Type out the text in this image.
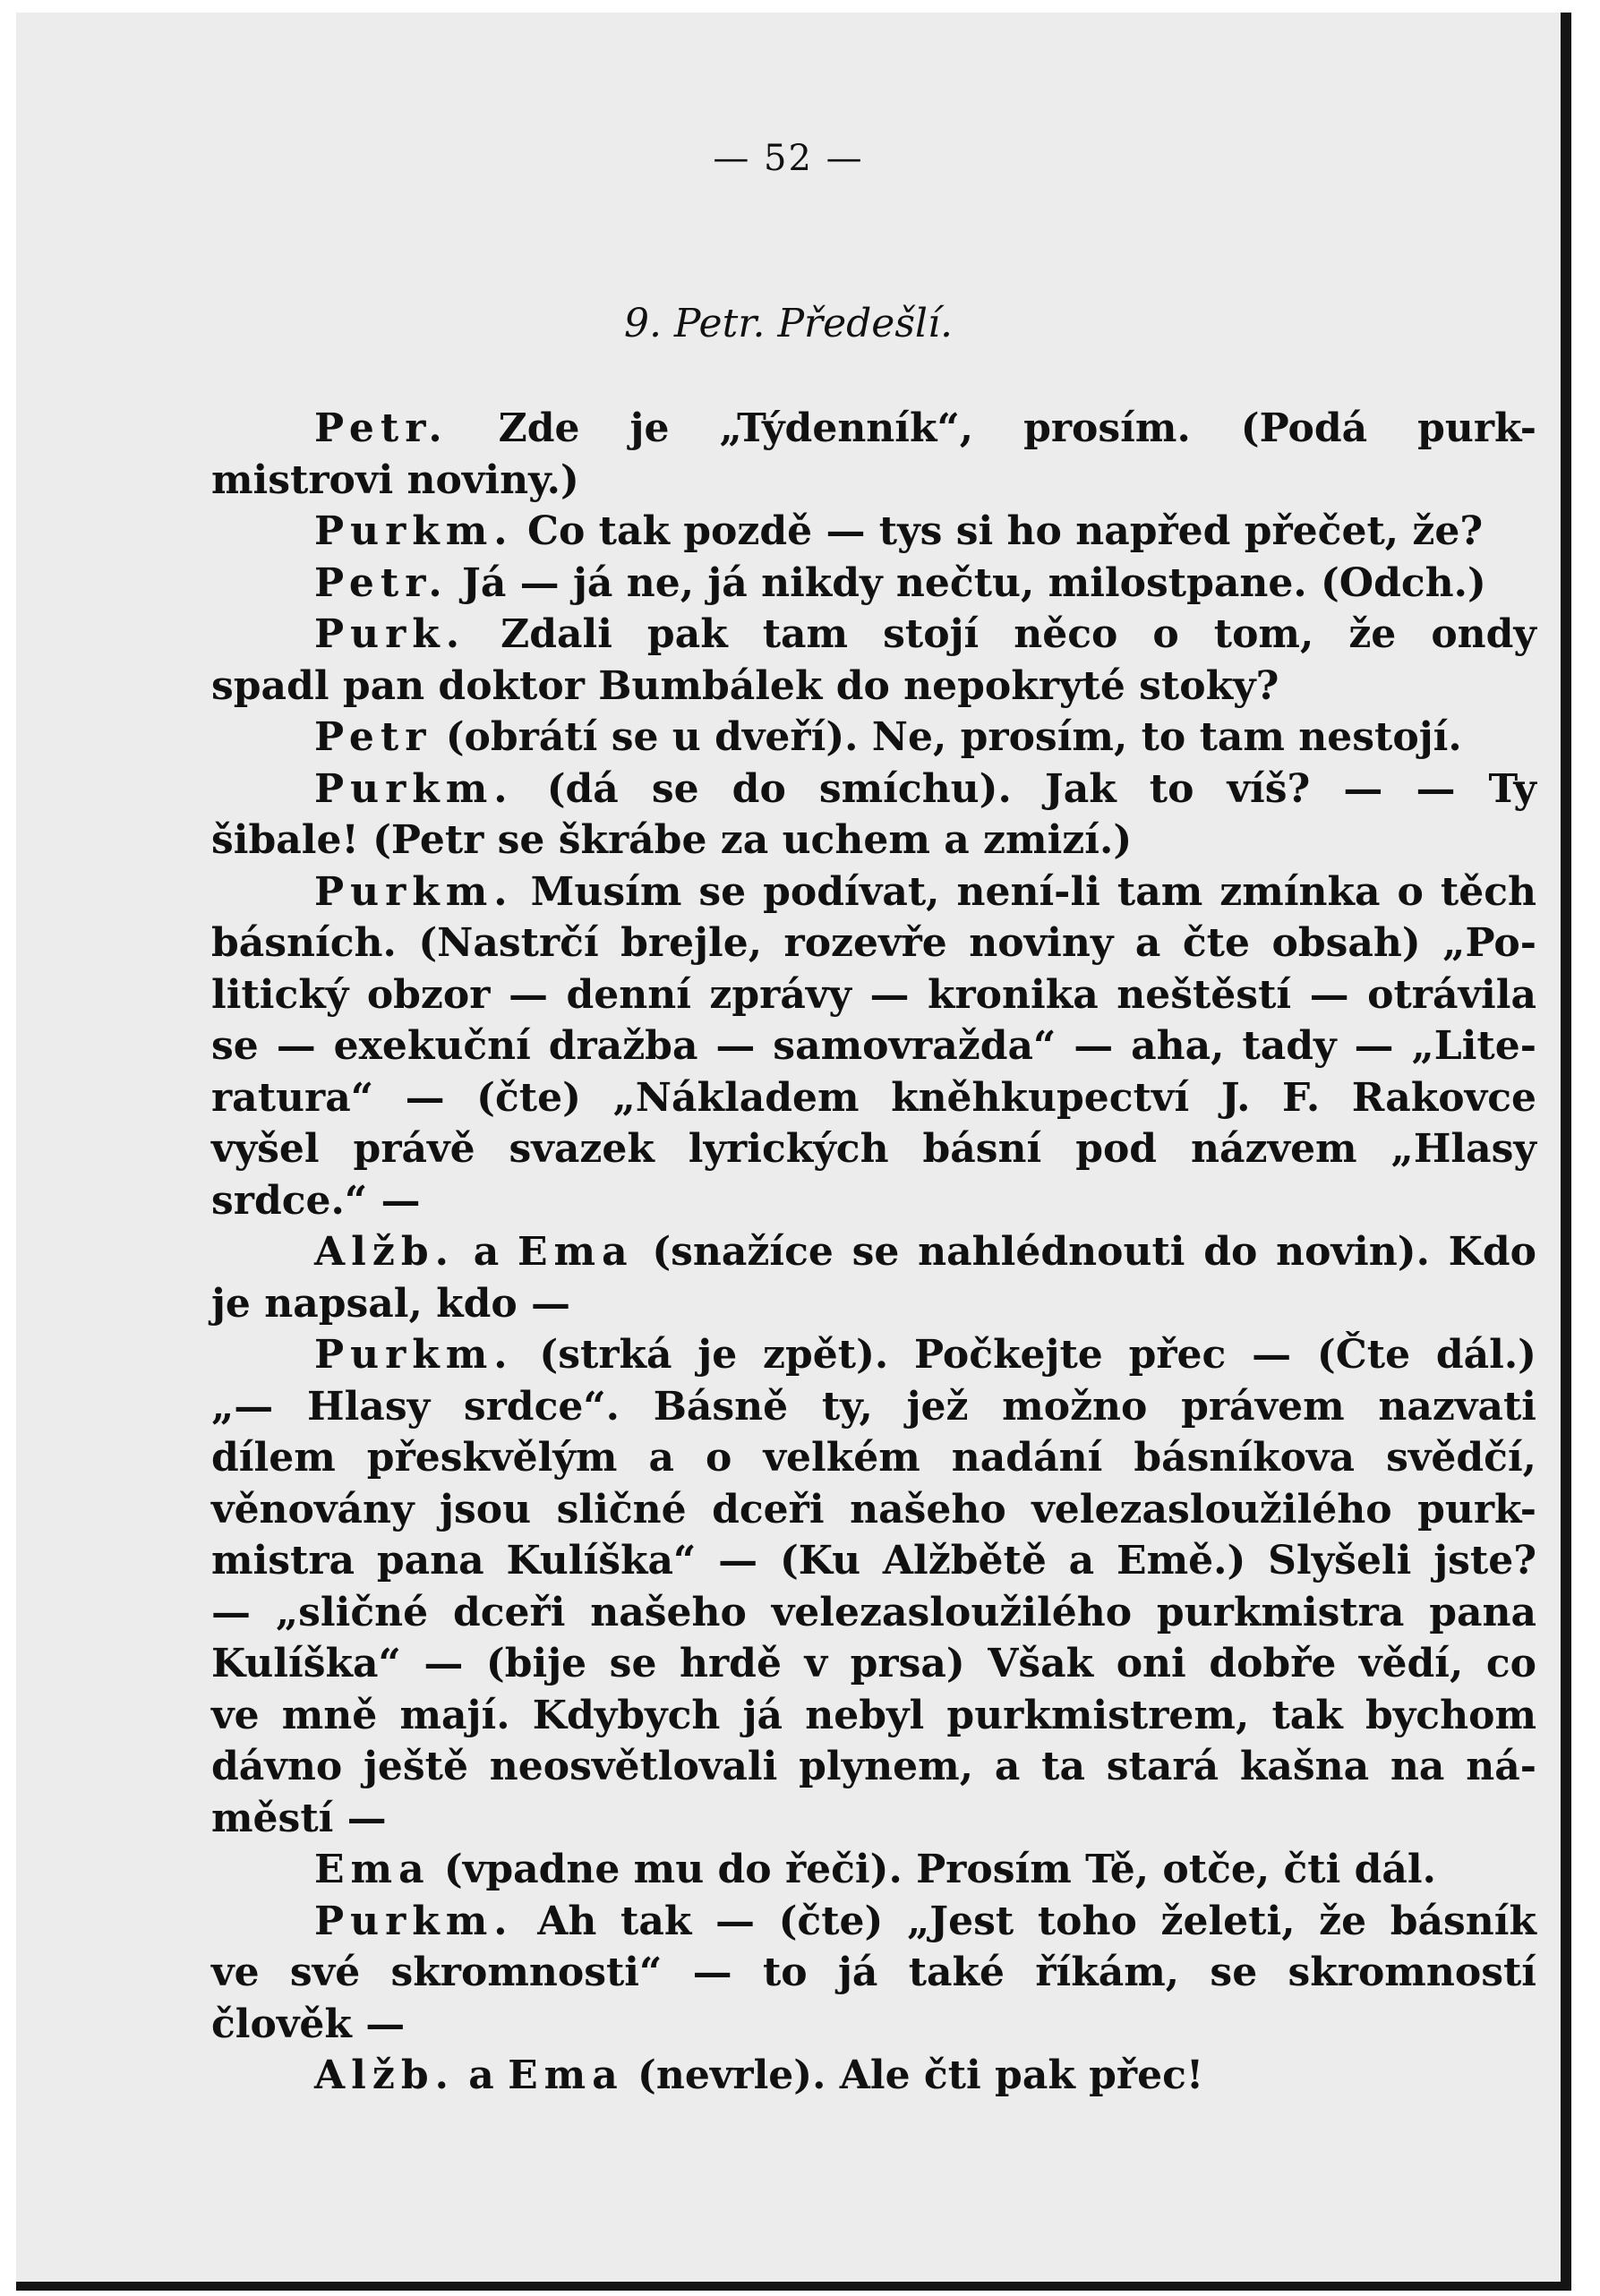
— 52 —
9. Petr. Předešlí.
Petr. Zde je „Týdenník“, prosím. (Podá purk-
mistrovi noviny.)
Purkm. Co tak pozdě — tys si ho napřed přečet, že?
Petr. Já — já ne, já nikdy nečtu, milostpane. (Odch.)
Purk. Zdali pak tam stojí něco o tom, že ondy
spadl pan doktor Bumbálek do nepokryté stoky?
Petr (obrátí se u dveří). Ne, prosím, to tam nestojí.
Purkm. (dá se do smíchu). Jak to víš? — — Ty
šibale! (Petr se škrábe za uchem a zmizí.)
Purkm. Musím se podívat, není-li tam zmínka o těch
básních. (Nastrčí brejle, rozevře noviny a čte obsah) „Po-
litický obzor — denní zprávy — kronika neštěstí — otrávila
se — exekuční dražba — samovražda“ — aha, tady — „Lite-
ratura“ — (čte) „Nákladem kněhkupectví J. F. Rakovce
vyšel právě svazek lyrických básní pod názvem „Hlasy
srdce.“ —
Alžb. a Ema (snažíce se nahlédnouti do novin). Kdo
je napsal, kdo —
Purkm. (strká je zpět). Počkejte přec — (Čte dál.)
„— Hlasy srdce“. Básně ty, jež možno právem nazvati
dílem přeskvělým a o velkém nadání básníkova svědčí,
věnovány jsou sličné dceři našeho velezasloužilého purk-
mistra pana Kulíška“ — (Ku Alžbětě a Emě.) Slyšeli jste?
— „sličné dceři našeho velezasloužilého purkmistra pana
Kulíška“ — (bije se hrdě v prsa) Však oni dobře vědí, co
ve mně mají. Kdybych já nebyl purkmistrem, tak bychom
dávno ještě neosvětlovali plynem, a ta stará kašna na ná-
městí —
Ema (vpadne mu do řeči). Prosím Tě, otče, čti dál.
Purkm. Ah tak — (čte) „Jest toho želeti, že básník
ve své skromnosti“ — to já také říkám, se skromností
člověk —
Alžb. a Ema (nevrle). Ale čti pak přec!
